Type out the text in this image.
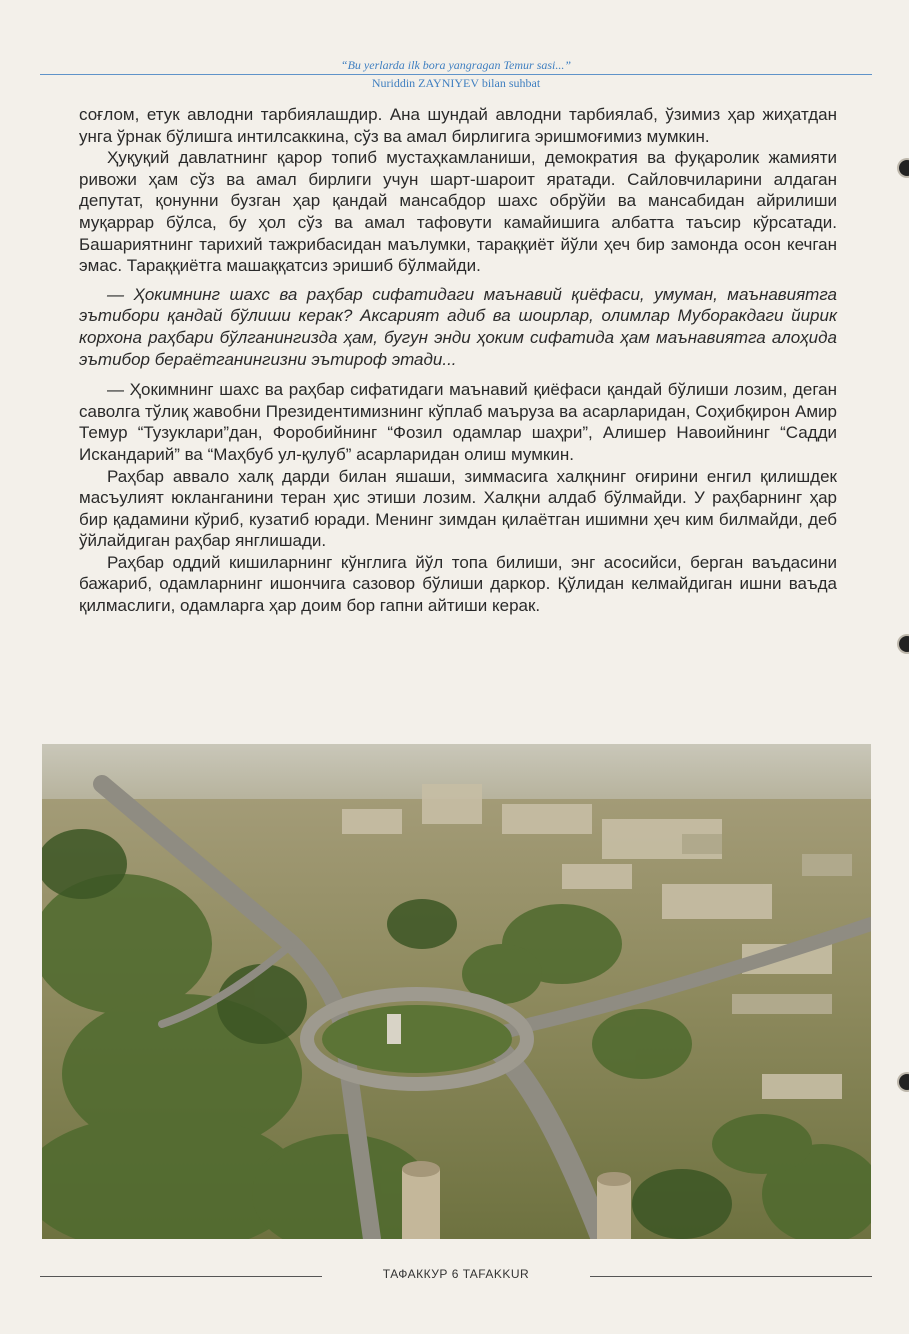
“Bu yerlarda ilk bora yangragan Temur sasi...”
Nuriddin ZAYNIYEV bilan suhbat

соғлом, етук авлодни тарбиялашдир. Ана шундай авлодни тарбиялаб, ўзимиз ҳар жиҳатдан унга ўрнак бўлишга интилсаккина, сўз ва амал бирлигига эришмоғимиз мумкин.

Ҳуқуқий давлатнинг қарор топиб мустаҳкамланиши, демократия ва фуқаролик жамияти ривожи ҳам сўз ва амал бирлиги учун шарт-шароит яратади. Сайловчиларини алдаган депутат, қонунни бузган ҳар қандай мансабдор шахс обрўйи ва мансабидан айрилиши муқаррар бўлса, бу ҳол сўз ва амал тафовути камайишига албатта таъсир кўрсатади. Башариятнинг тарихий тажрибасидан маълумки, тараққиёт йўли ҳеч бир замонда осон кечган эмас. Тараққиётга машаққатсиз эришиб бўлмайди.

— Ҳокимнинг шахс ва раҳбар сифатидаги маънавий қиёфаси, умуман, маънавиятга эътибори қандай бўлиши керак? Аксарият адиб ва шоирлар, олимлар Муборакдаги йирик корхона раҳбари бўлганингизда ҳам, бугун энди ҳоким сифатида ҳам маънавиятга алоҳида эътибор бераётганингизни эътироф этади...

— Ҳокимнинг шахс ва раҳбар сифатидаги маънавий қиёфаси қандай бўлиши лозим, деган саволга тўлиқ жавобни Президентимизнинг кўплаб маъруза ва асарларидан, Соҳибқирон Амир Темур “Тузуклари”дан, Форобийнинг “Фозил одамлар шаҳри”, Алишер Навоийнинг “Садди Искандарий” ва “Маҳбуб ул-қулуб” асарларидан олиш мумкин.

Раҳбар аввало халқ дарди билан яшаши, зиммасига халқнинг оғирини енгил қилишдек масъулият юкланганини теран ҳис этиши лозим. Халқни алдаб бўлмайди. У раҳбарнинг ҳар бир қадамини кўриб, кузатиб юради. Менинг зимдан қилаётган ишимни ҳеч ким билмайди, деб ўйлайдиган раҳбар янглишади.

Раҳбар оддий кишиларнинг кўнглига йўл топа билиши, энг асосийси, берган ваъдасини бажариб, одамларнинг ишончига сазовор бўлиши даркор. Қўлидан келмайдиган ишни ваъда қилмаслиги, одамларга ҳар доим бор гапни айтиши керак.

ТАФАККУР 6 TAFAKKUR
